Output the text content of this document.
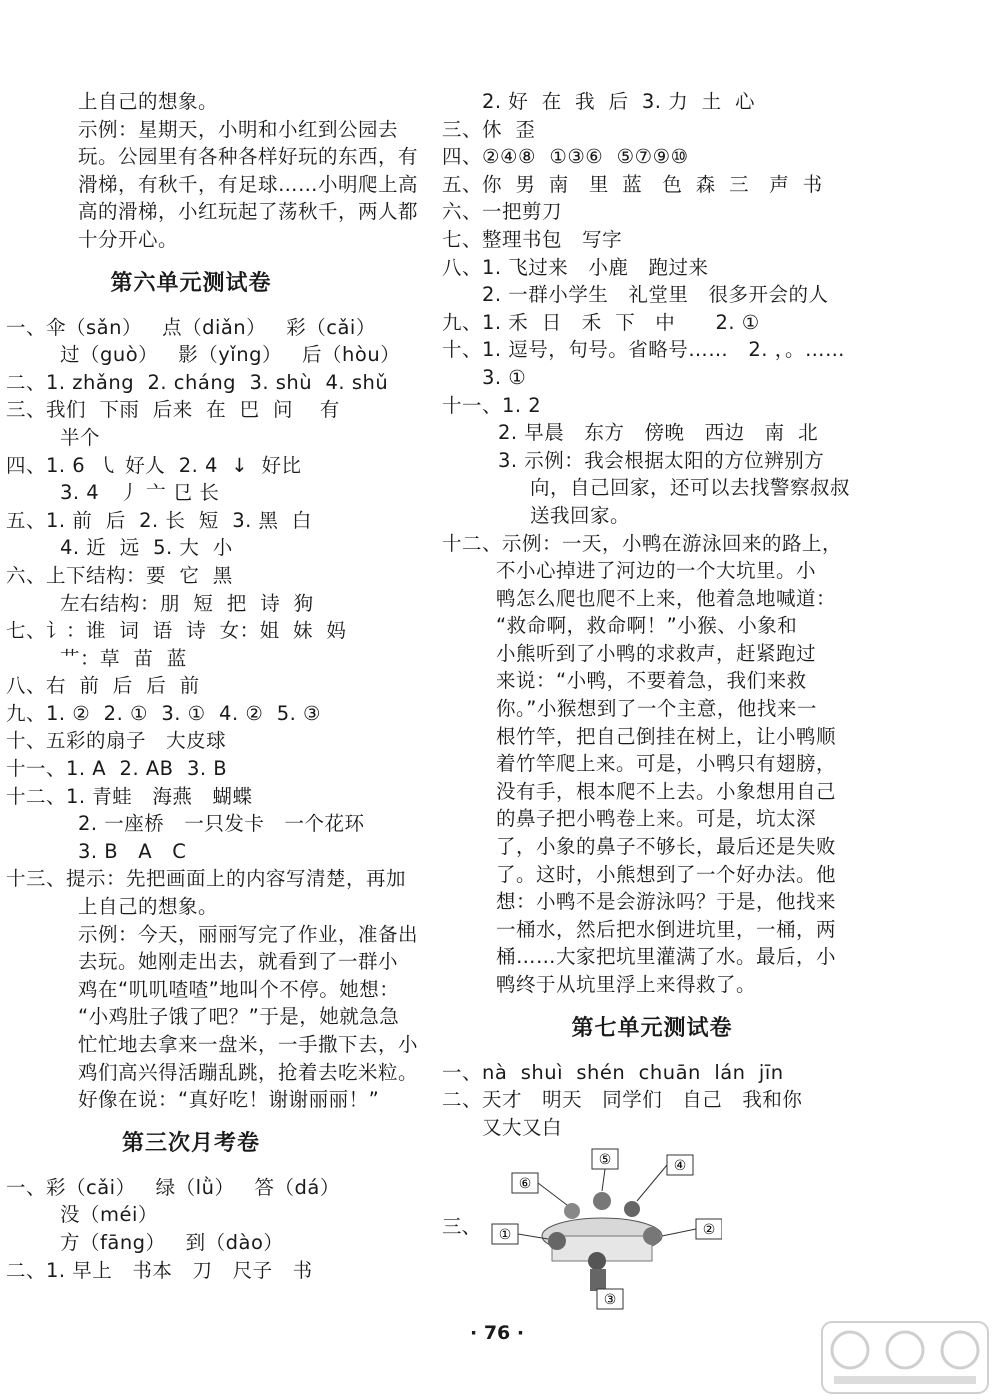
上自己的想象。
示例：星期天，小明和小红到公园去
玩。公园里有各种各样好玩的东西，有
滑梯，有秋千，有足球……小明爬上高
高的滑梯，小红玩起了荡秋千，两人都
十分开心。
第六单元测试卷
一、伞（sǎn）   点（diǎn）   彩（cǎi）
过（guò）   影（yǐng）   后（hòu）
二、1. zhǎng  2. cháng  3. shù  4. shǔ
三、我们  下雨  后来  在  巴  问    有
半个
四、1. 6  ㇂ 好人  2. 4  ↓  好比
3. 4   丿 亠 㔾 长
五、1. 前  后  2. 长  短  3. 黑  白
4. 近  远  5. 大  小
六、上下结构：要  它  黑
左右结构：朋  短  把  诗  狗
七、讠：谁  词  语  诗  女：姐  妹  妈
艹：草  苗  蓝
八、右  前  后  后  前
九、1. ②  2. ①  3. ①  4. ②  5. ③
十、五彩的扇子   大皮球
十一、1. A  2. AB  3. B
十二、1. 青蛙   海燕   蝴蝶
2. 一座桥   一只发卡   一个花环
3. B   A   C
十三、提示：先把画面上的内容写清楚，再加
上自己的想象。
示例：今天，丽丽写完了作业，准备出
去玩。她刚走出去，就看到了一群小
鸡在“叽叽喳喳”地叫个不停。她想：
“小鸡肚子饿了吧？”于是，她就急急
忙忙地去拿来一盘米，一手撒下去，小
鸡们高兴得活蹦乱跳，抢着去吃米粒。
好像在说：“真好吃！谢谢丽丽！”
第三次月考卷
一、彩（cǎi）   绿（lǜ）   答（dá）
没（méi）
方（fāng）   到（dào）
二、1. 早上   书本   刀   尺子   书
2. 好  在  我  后  3. 力  土  心
三、休  歪
四、②④⑧  ①③⑥  ⑤⑦⑨⑩
五、你  男  南   里  蓝   色  森  三   声  书
六、一把剪刀
七、整理书包   写字
八、1. 飞过来   小鹿   跑过来
2. 一群小学生   礼堂里   很多开会的人
九、1. 禾  日   禾  下   中      2. ①
十、1. 逗号，句号。省略号……   2. ，。……
3. ①
十一、1. 2
2. 早晨   东方   傍晚   西边   南  北
3. 示例：我会根据太阳的方位辨别方
向，自己回家，还可以去找警察叔叔
送我回家。
十二、示例：一天，小鸭在游泳回来的路上，
不小心掉进了河边的一个大坑里。小
鸭怎么爬也爬不上来，他着急地喊道：
“救命啊，救命啊！”小猴、小象和
小熊听到了小鸭的求救声，赶紧跑过
来说：“小鸭，不要着急，我们来救
你。”小猴想到了一个主意，他找来一
根竹竿，把自己倒挂在树上，让小鸭顺
着竹竿爬上来。可是，小鸭只有翅膀，
没有手，根本爬不上去。小象想用自己
的鼻子把小鸭卷上来。可是，坑太深
了，小象的鼻子不够长，最后还是失败
了。这时，小熊想到了一个好办法。他
想：小鸭不是会游泳吗？于是，他找来
一桶水，然后把水倒进坑里，一桶，两
桶……大家把坑里灌满了水。最后，小
鸭终于从坑里浮上来得救了。
第七单元测试卷
一、nà  shuì  shén  chuān  lán  jīn
二、天才   明天   同学们   自己   我和你
又大又白
三、
⑤	④
⑥
①	②
③
· 76 ·
